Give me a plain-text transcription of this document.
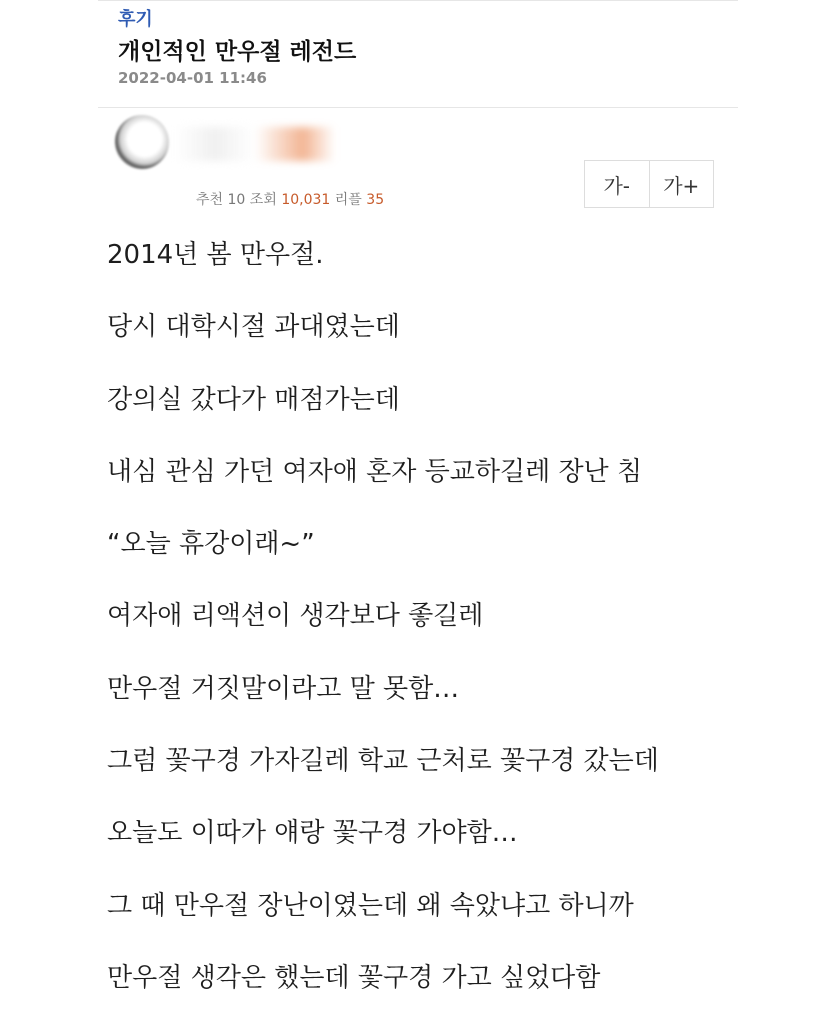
후기
개인적인 만우절 레전드
2022-04-01 11:46
추천 10 조회 10,031 리플 35
가-	가+
2014년 봄 만우절.
당시 대학시절 과대였는데
강의실 갔다가 매점가는데
내심 관심 가던 여자애 혼자 등교하길레 장난 침
“오늘 휴강이래~”
여자애 리액션이 생각보다 좋길레
만우절 거짓말이라고 말 못함…
그럼 꽃구경 가자길레 학교 근처로 꽃구경 갔는데
오늘도 이따가 얘랑 꽃구경 가야함…
그 때 만우절 장난이였는데 왜 속았냐고 하니까
만우절 생각은 했는데 꽃구경 가고 싶었다함
